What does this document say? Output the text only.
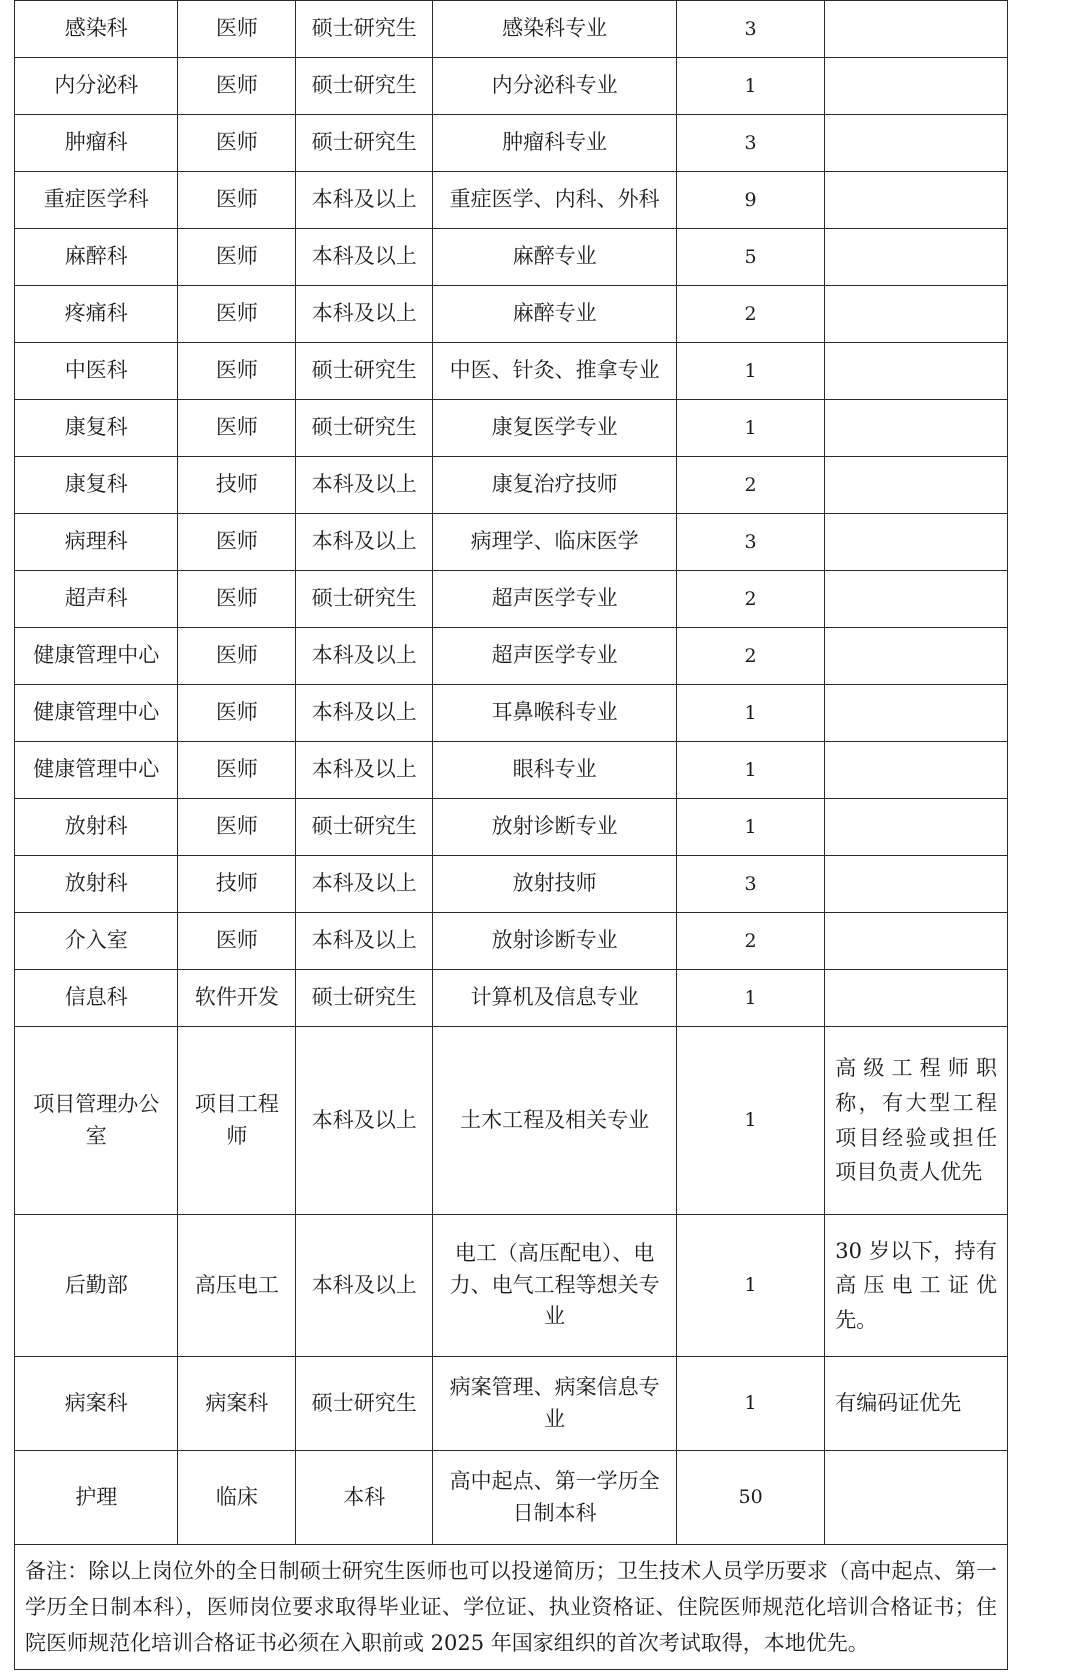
感染科	医师	硕士研究生	感染科专业	3	
内分泌科	医师	硕士研究生	内分泌科专业	1	
肿瘤科	医师	硕士研究生	肿瘤科专业	3	
重症医学科	医师	本科及以上	重症医学、内科、外科	9	
麻醉科	医师	本科及以上	麻醉专业	5	
疼痛科	医师	本科及以上	麻醉专业	2	
中医科	医师	硕士研究生	中医、针灸、推拿专业	1	
康复科	医师	硕士研究生	康复医学专业	1	
康复科	技师	本科及以上	康复治疗技师	2	
病理科	医师	本科及以上	病理学、临床医学	3	
超声科	医师	硕士研究生	超声医学专业	2	
健康管理中心	医师	本科及以上	超声医学专业	2	
健康管理中心	医师	本科及以上	耳鼻喉科专业	1	
健康管理中心	医师	本科及以上	眼科专业	1	
放射科	医师	硕士研究生	放射诊断专业	1	
放射科	技师	本科及以上	放射技师	3	
介入室	医师	本科及以上	放射诊断专业	2	
信息科	软件开发	硕士研究生	计算机及信息专业	1	
项目管理办公室	项目工程师	本科及以上	土木工程及相关专业	1	高级工程师职称，有大型工程项目经验或担任项目负责人优先
后勤部	高压电工	本科及以上	电工（高压配电）、电力、电气工程等想关专业	1	30 岁以下，持有高压电工证优先。
病案科	病案科	硕士研究生	病案管理、病案信息专业	1	有编码证优先
护理	临床	本科	高中起点、第一学历全日制本科	50	

备注：除以上岗位外的全日制硕士研究生医师也可以投递简历；卫生技术人员学历要求（高中起点、第一学历全日制本科），医师岗位要求取得毕业证、学位证、执业资格证、住院医师规范化培训合格证书；住院医师规范化培训合格证书必须在入职前或 2025 年国家组织的首次考试取得，本地优先。					
